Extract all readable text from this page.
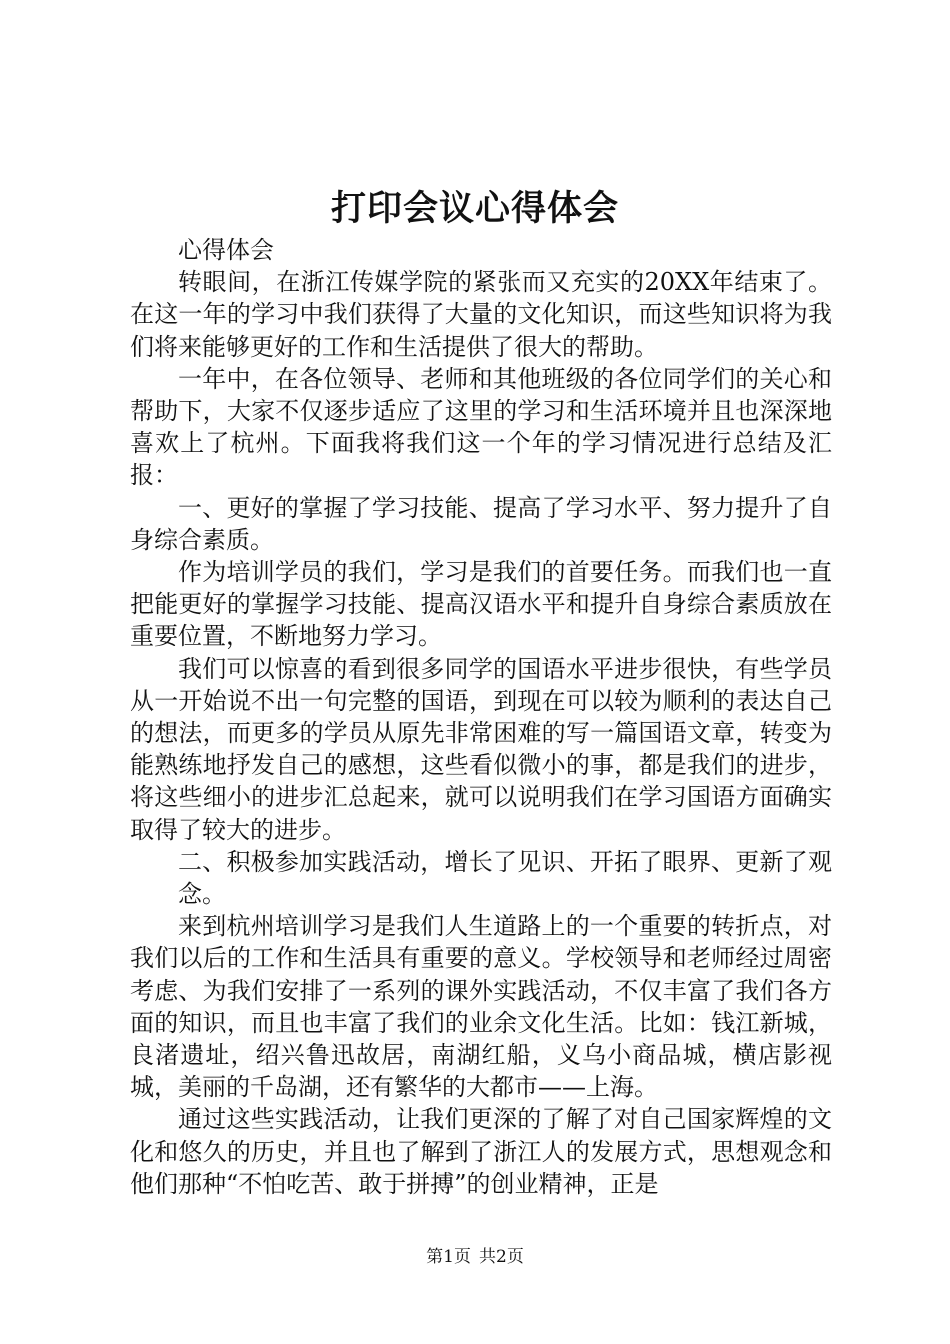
打印会议心得体会

心得体会

转眼间，在浙江传媒学院的紧张而又充实的20XX年结束了。在这一年的学习中我们获得了大量的文化知识，而这些知识将为我们将来能够更好的工作和生活提供了很大的帮助。

一年中，在各位领导、老师和其他班级的各位同学们的关心和帮助下，大家不仅逐步适应了这里的学习和生活环境并且也深深地喜欢上了杭州。下面我将我们这一个年的学习情况进行总结及汇报：

一、更好的掌握了学习技能、提高了学习水平、努力提升了自身综合素质。

作为培训学员的我们，学习是我们的首要任务。而我们也一直把能更好的掌握学习技能、提高汉语水平和提升自身综合素质放在重要位置，不断地努力学习。

我们可以惊喜的看到很多同学的国语水平进步很快，有些学员从一开始说不出一句完整的国语，到现在可以较为顺利的表达自己的想法，而更多的学员从原先非常困难的写一篇国语文章，转变为能熟练地抒发自己的感想，这些看似微小的事，都是我们的进步，将这些细小的进步汇总起来，就可以说明我们在学习国语方面确实取得了较大的进步。

二、积极参加实践活动，增长了见识、开拓了眼界、更新了观念。

来到杭州培训学习是我们人生道路上的一个重要的转折点，对我们以后的工作和生活具有重要的意义。学校领导和老师经过周密考虑、为我们安排了一系列的课外实践活动，不仅丰富了我们各方面的知识，而且也丰富了我们的业余文化生活。比如：钱江新城，良渚遗址，绍兴鲁迅故居，南湖红船，义乌小商品城，横店影视城，美丽的千岛湖，还有繁华的大都市——上海。

通过这些实践活动，让我们更深的了解了对自己国家辉煌的文化和悠久的历史，并且也了解到了浙江人的发展方式，思想观念和他们那种“不怕吃苦、敢于拼搏”的创业精神，正是

第1页 共2页
